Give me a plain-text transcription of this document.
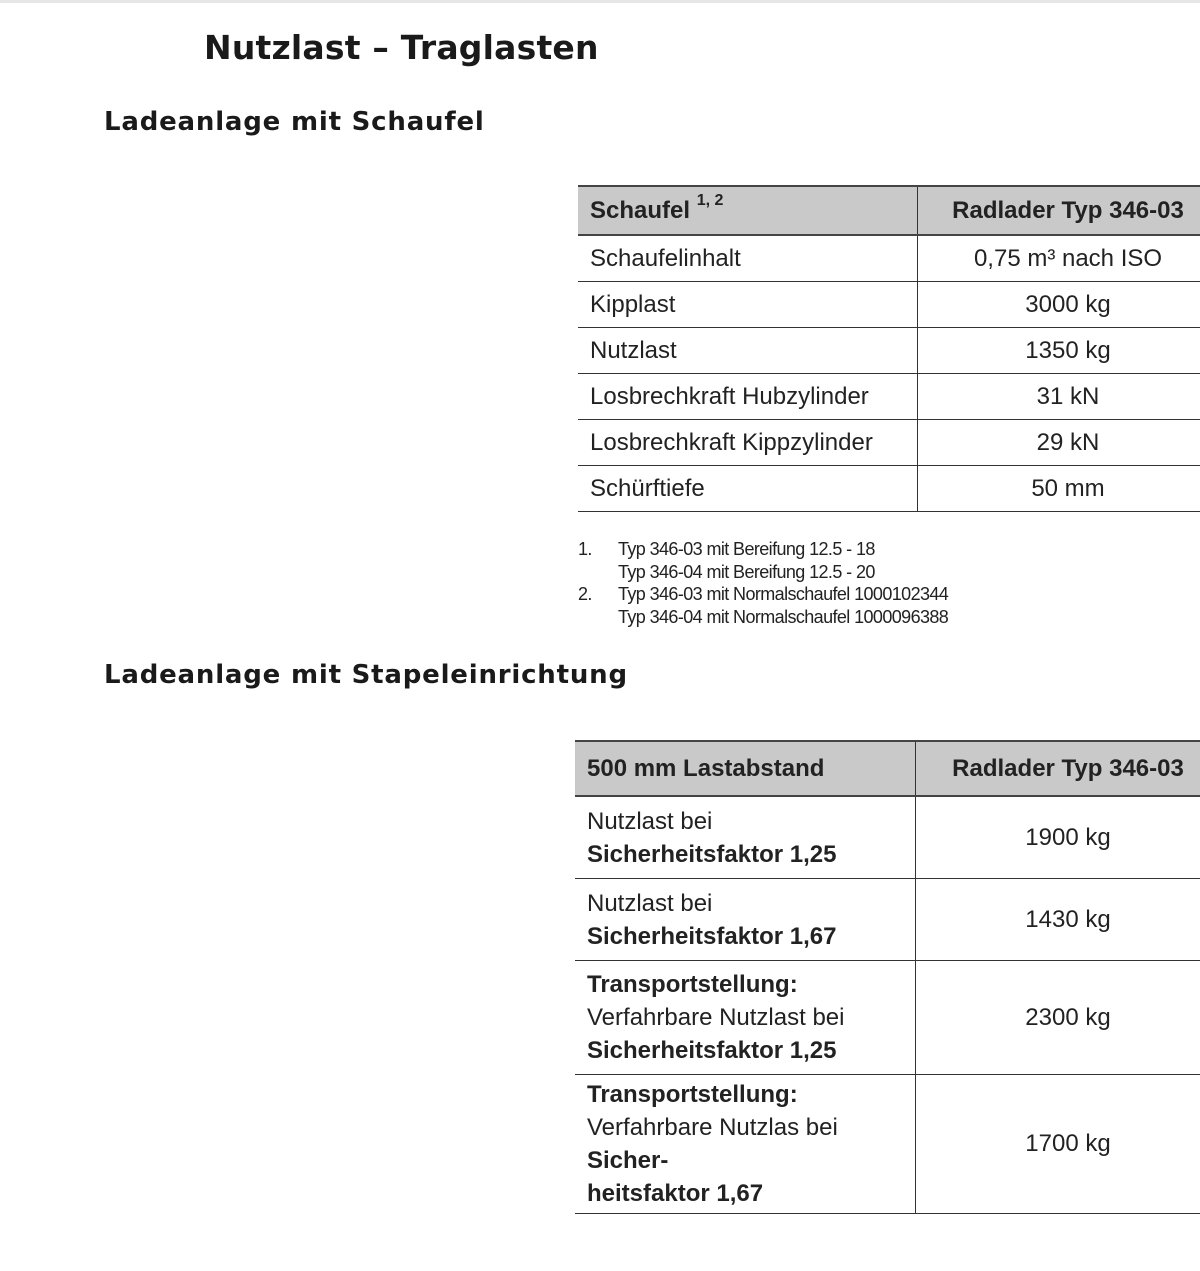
Nutzlast – Traglasten
Ladeanlage mit Schaufel
Schaufel $^{1, 2}$	Radlader Typ 346-03
Schaufelinhalt	0,75 m³ nach ISO
Kipplast	3000 kg
Nutzlast	1350 kg
Losbrechkraft Hubzylinder	31 kN
Losbrechkraft Kippzylinder	29 kN
Schürftiefe	50 mm
1.	Typ 346-03 mit Bereifung 12.5 - 18
Typ 346-04 mit Bereifung 12.5 - 20
2.	Typ 346-03 mit Normalschaufel 1000102344
Typ 346-04 mit Normalschaufel 1000096388
Ladeanlage mit Stapeleinrichtung
500 mm Lastabstand	Radlader Typ 346-03

Nutzlast bei
Sicherheitsfaktor 1,25	1900 kg

Nutzlast bei
Sicherheitsfaktor 1,67	1430 kg

Transportstellung:
Verfahrbare Nutzlast bei
Sicherheitsfaktor 1,25	2300 kg

Transportstellung:
Verfahrbare Nutzlas bei Sicher-
heitsfaktor 1,67	1700 kg
